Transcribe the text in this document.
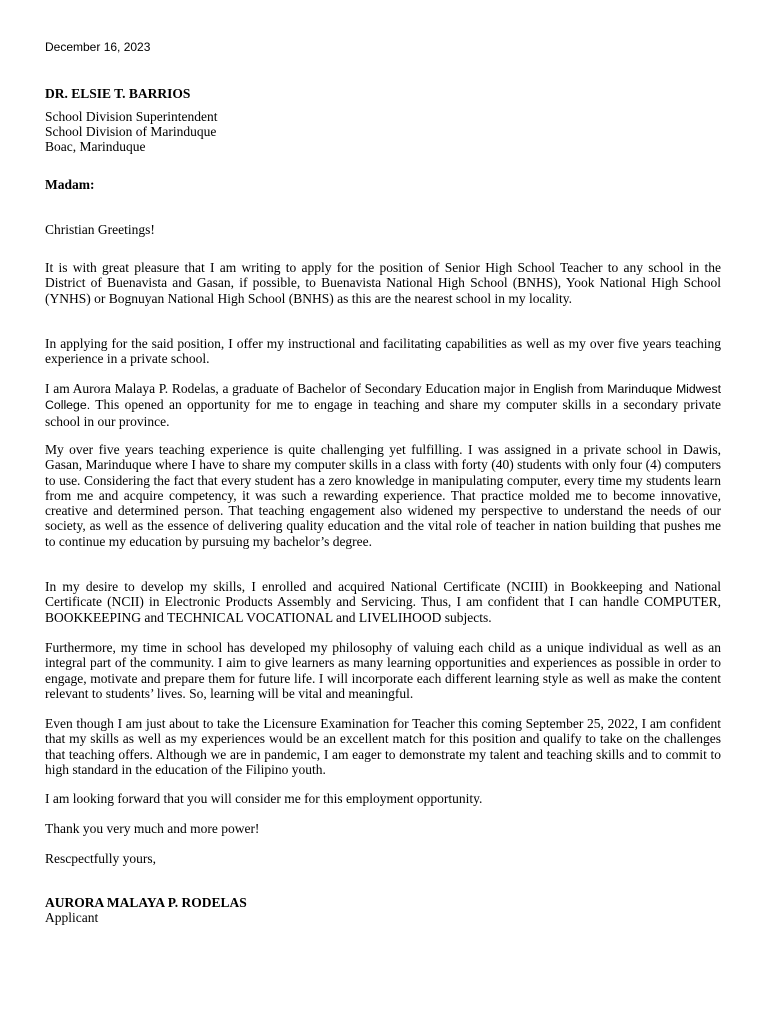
December 16, 2023
DR. ELSIE T. BARRIOS
School Division Superintendent
School Division of Marinduque
Boac, Marinduque
Madam:

Christian Greetings!

It is with great pleasure that I am writing to apply for the position of Senior High School Teacher to any school in the District of Buenavista and Gasan, if possible, to Buenavista National High School (BNHS), Yook National High School (YNHS) or Bognuyan National High School (BNHS) as this are the nearest school in my locality.

In applying for the said position, I offer my instructional and facilitating capabilities as well as my over five years teaching experience in a private school.

I am Aurora Malaya P. Rodelas, a graduate of Bachelor of Secondary Education major in English from Marinduque Midwest College. This opened an opportunity for me to engage in teaching and share my computer skills in a secondary private school in our province.

My over five years teaching experience is quite challenging yet fulfilling. I was assigned in a private school in Dawis, Gasan, Marinduque where I have to share my computer skills in a class with forty (40) students with only four (4) computers to use. Considering the fact that every student has a zero knowledge in manipulating computer, every time my students learn from me and acquire competency, it was such a rewarding experience. That practice molded me to become innovative, creative and determined person. That teaching engagement also widened my perspective to understand the needs of our society, as well as the essence of delivering quality education and the vital role of teacher in nation building that pushes me to continue my education by pursuing my bachelor’s degree.

In my desire to develop my skills, I enrolled and acquired National Certificate (NCIII) in Bookkeeping and National Certificate (NCII) in Electronic Products Assembly and Servicing. Thus, I am confident that I can handle COMPUTER, BOOKKEEPING and TECHNICAL VOCATIONAL and LIVELIHOOD subjects.

Furthermore, my time in school has developed my philosophy of valuing each child as a unique individual as well as an integral part of the community. I aim to give learners as many learning opportunities and experiences as possible in order to engage, motivate and prepare them for future life. I will incorporate each different learning style as well as make the content relevant to students’ lives. So, learning will be vital and meaningful.

Even though I am just about to take the Licensure Examination for Teacher this coming September 25, 2022, I am confident that my skills as well as my experiences would be an excellent match for this position and qualify to take on the challenges that teaching offers. Although we are in pandemic, I am eager to demonstrate my talent and teaching skills and to commit to high standard in the education of the Filipino youth.

I am looking forward that you will consider me for this employment opportunity.

Thank you very much and more power!

Rescpectfully yours,

AURORA MALAYA P. RODELAS
Applicant
